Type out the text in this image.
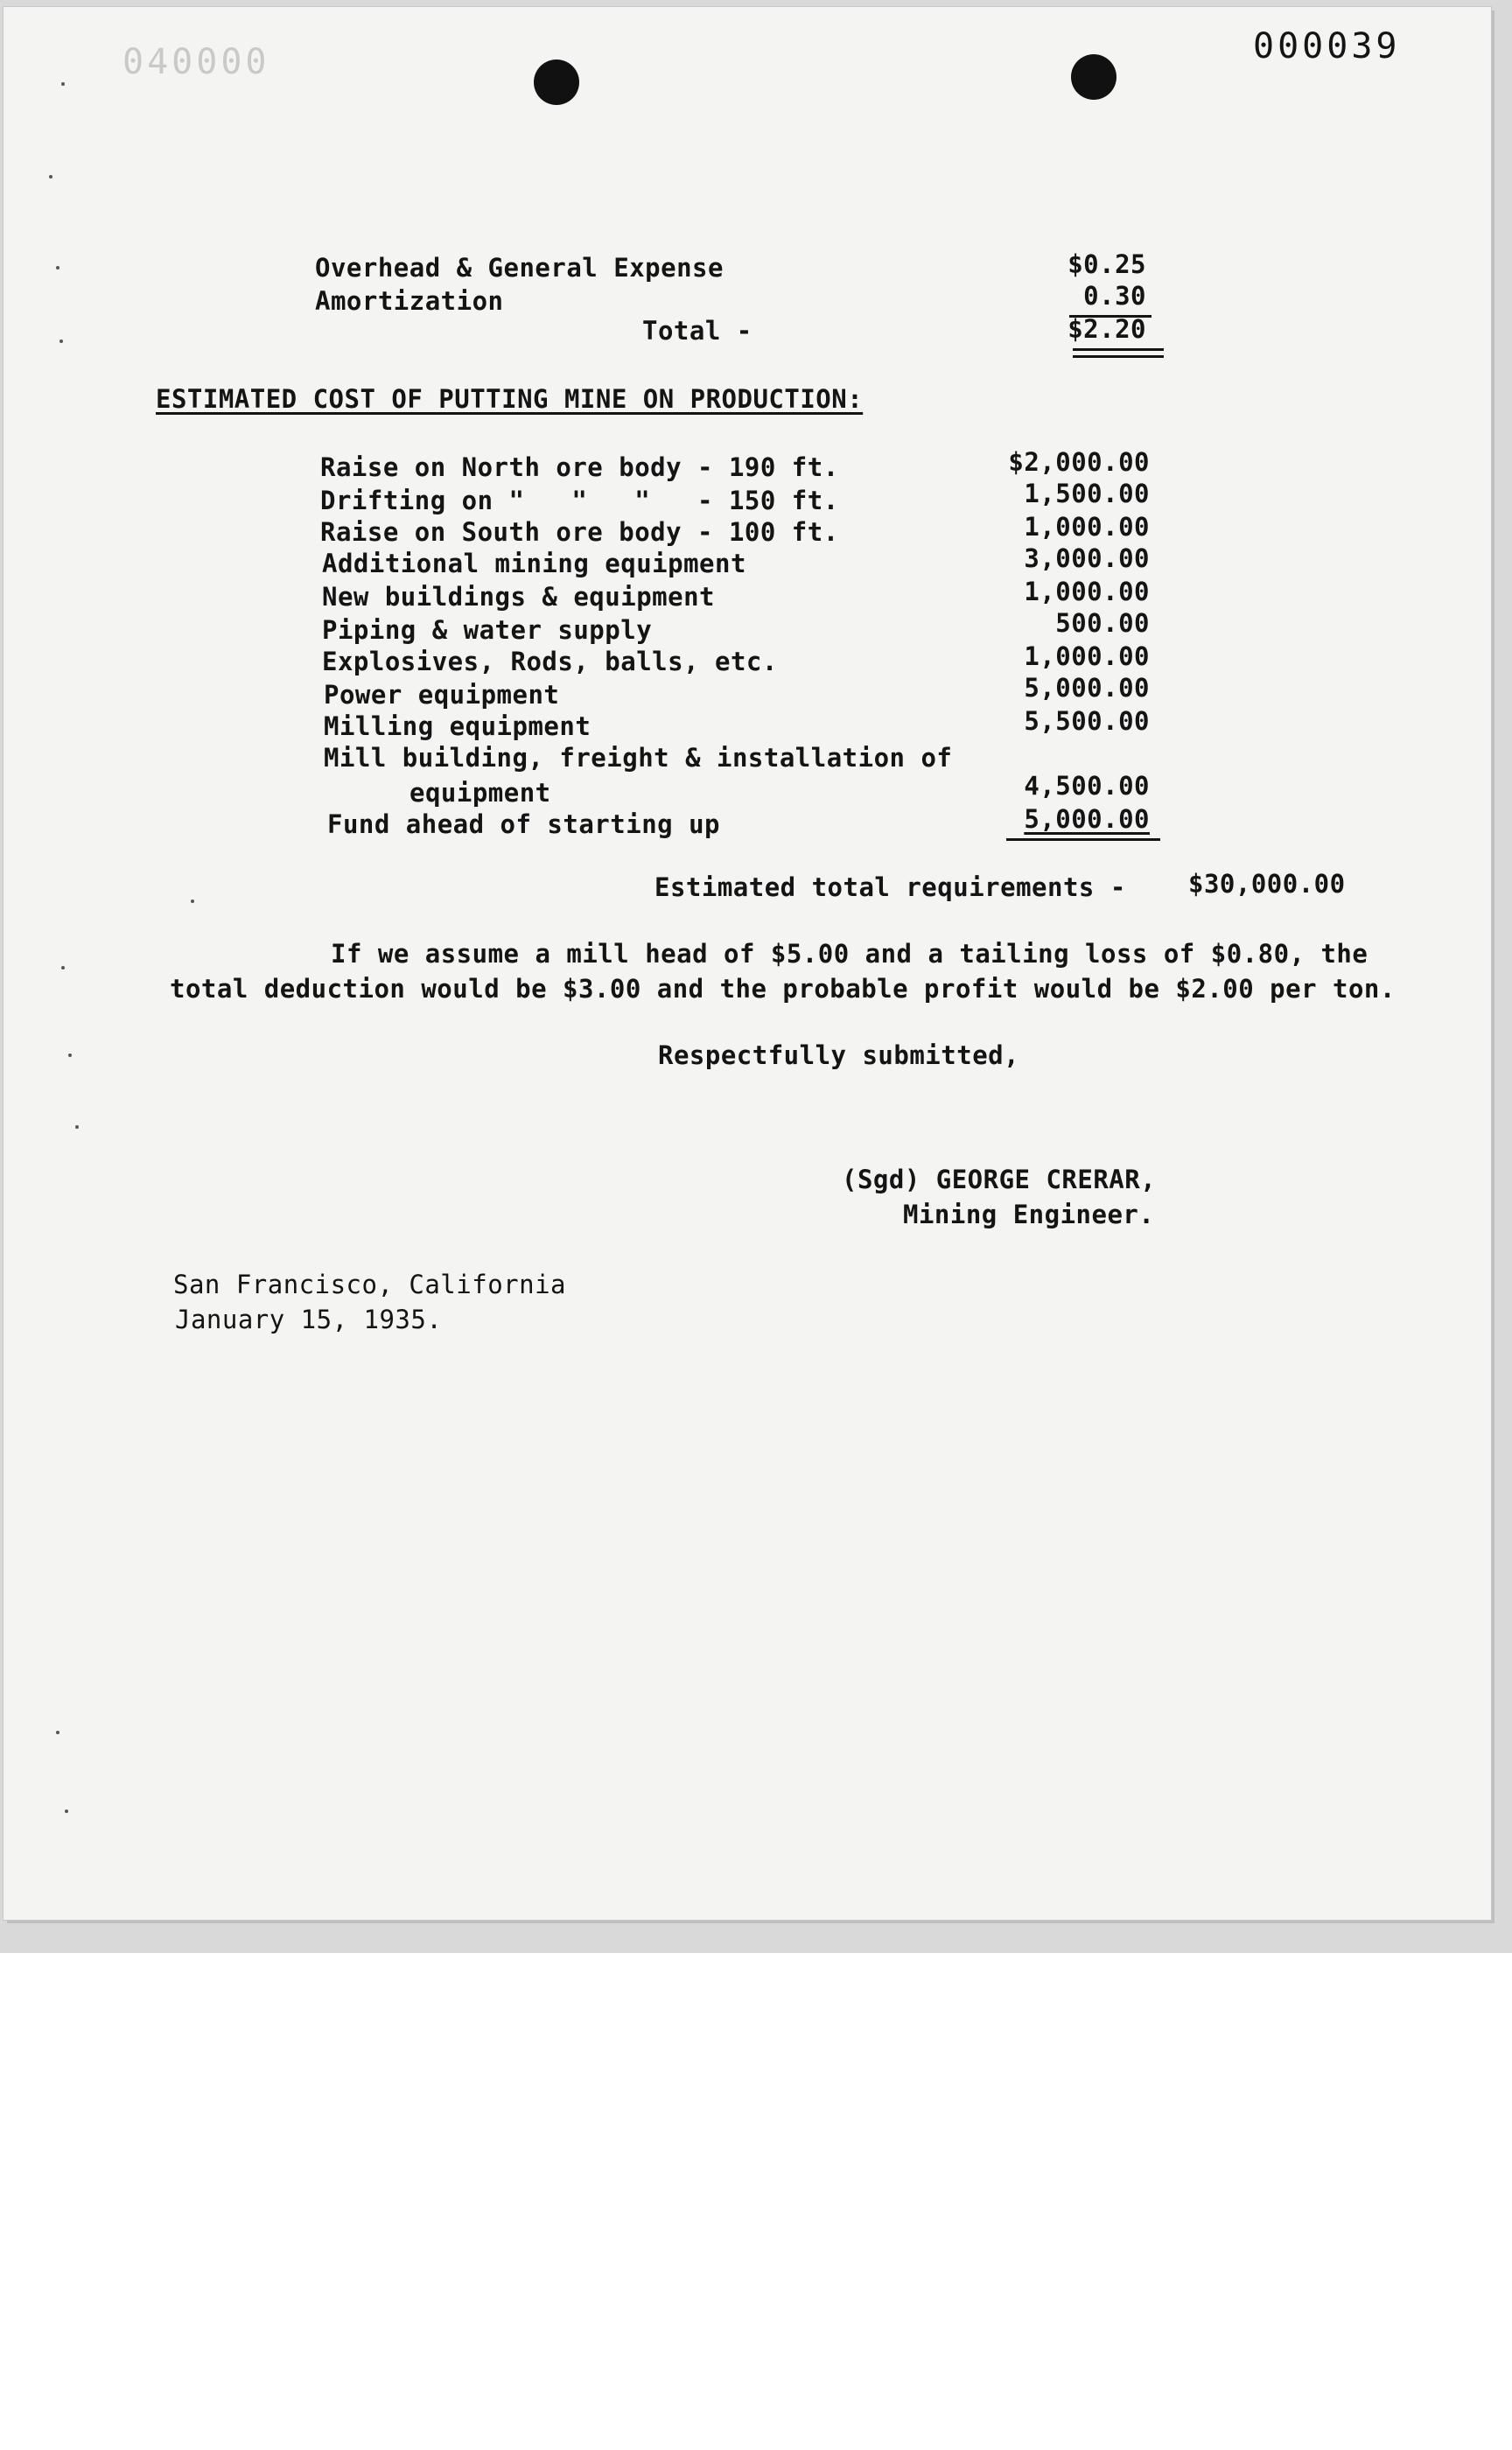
040000	000039
Overhead & General Expense	$0.25
Amortization	0.30
Total -	$2.20
ESTIMATED COST OF PUTTING MINE ON PRODUCTION:
Raise on North ore body - 190 ft.	$2,000.00
Drifting on "   "   "   - 150 ft.	1,500.00
Raise on South ore body - 100 ft.	1,000.00
Additional mining equipment	3,000.00
New buildings & equipment	1,000.00
Piping & water supply	500.00
Explosives, Rods, balls, etc.	1,000.00
Power equipment	5,000.00
Milling equipment	5,500.00
Mill building, freight & installation of
equipment	4,500.00
Fund ahead of starting up	5,000.00
Estimated total requirements - $30,000.00
If we assume a mill head of $5.00 and a tailing loss of $0.80, the
total deduction would be $3.00 and the probable profit would be $2.00 per ton.
Respectfully submitted,
(Sgd) GEORGE CRERAR,
Mining Engineer.
San Francisco, California
January 15, 1935.
